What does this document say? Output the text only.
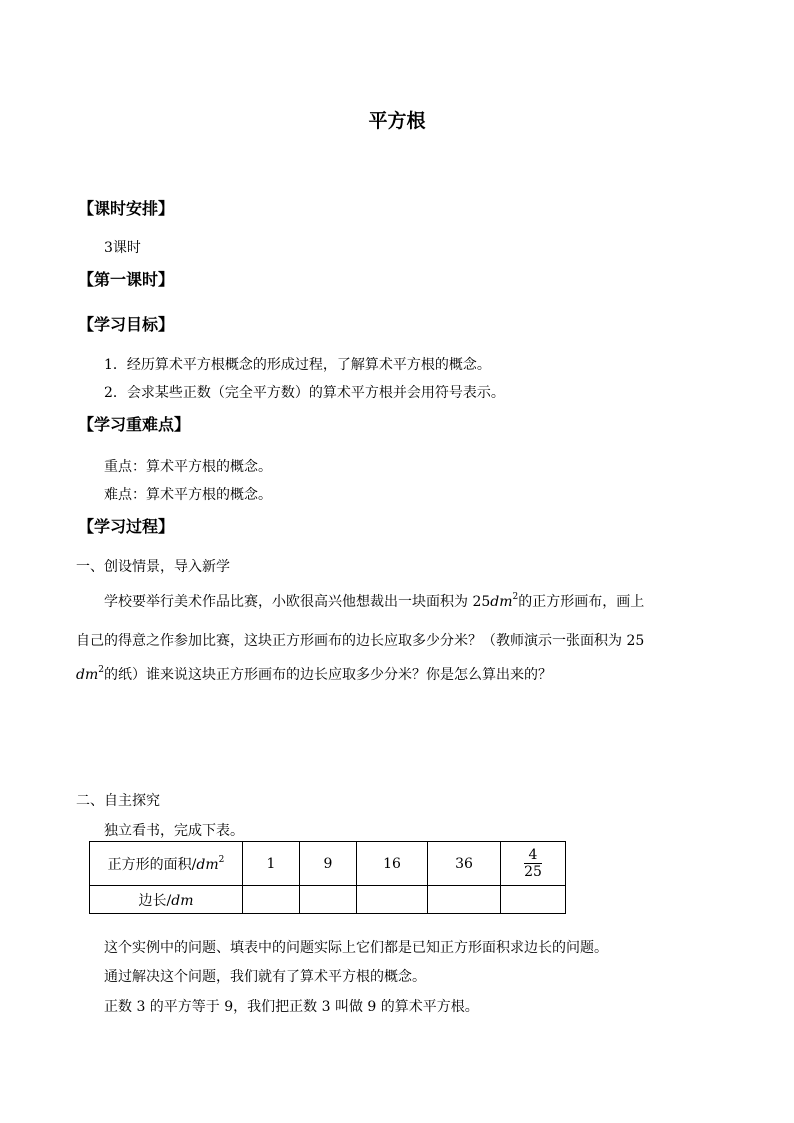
平方根
【课时安排】
3课时
【第一课时】
【学习目标】
1．经历算术平方根概念的形成过程，了解算术平方根的概念。
2．会求某些正数（完全平方数）的算术平方根并会用符号表示。
【学习重难点】
重点：算术平方根的概念。
难点：算术平方根的概念。
【学习过程】
一、创设情景，导入新学
学校要举行美术作品比赛，小欧很高兴他想裁出一块面积为 $25dm^2$的正方形画布，画上
自己的得意之作参加比赛，这块正方形画布的边长应取多少分米？（教师演示一张面积为 25
$dm^2$的纸）谁来说这块正方形画布的边长应取多少分米？你是怎么算出来的？
二、自主探究
独立看书，完成下表。
正方形的面积$/dm^2$	1	9	16	36	$\frac{4}{25}$

边长/dm					
这个实例中的问题、填表中的问题实际上它们都是已知正方形面积求边长的问题。
通过解决这个问题，我们就有了算术平方根的概念。
正数 3 的平方等于 9，我们把正数 3 叫做 9 的算术平方根。
